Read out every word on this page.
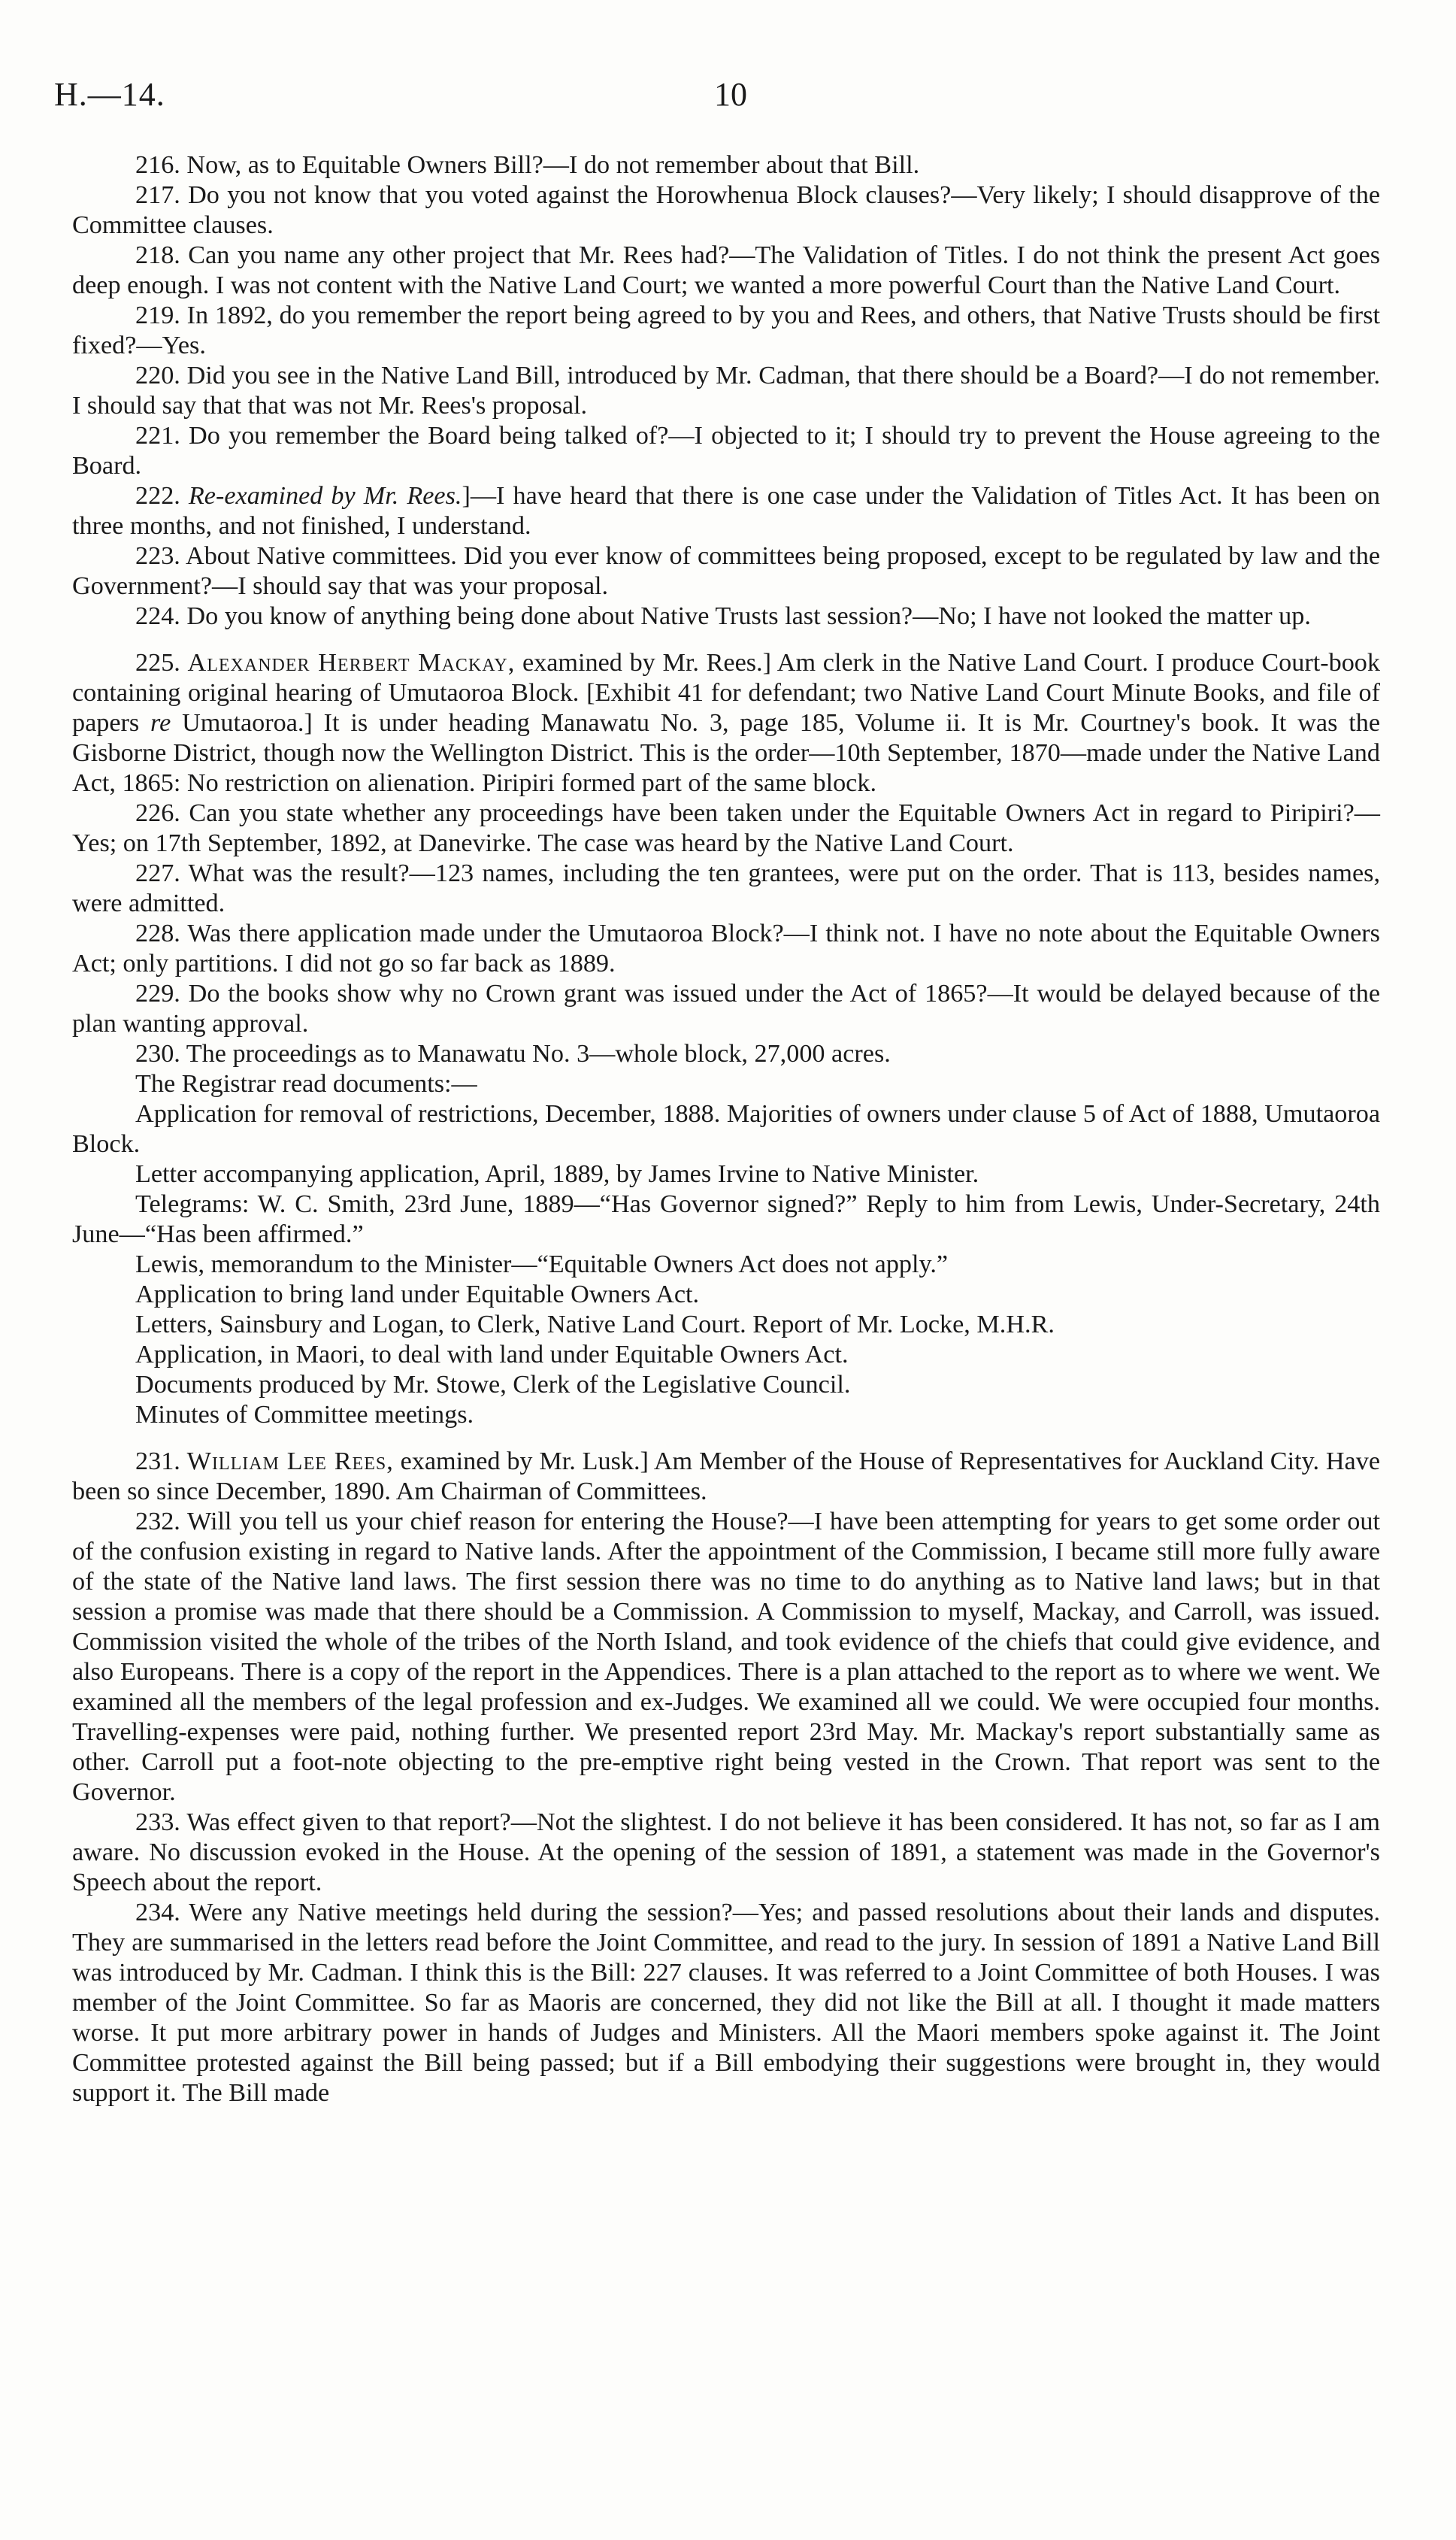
H.—14.	10

216. Now, as to Equitable Owners Bill?—I do not remember about that Bill.

217. Do you not know that you voted against the Horowhenua Block clauses?—Very likely; I should disapprove of the Committee clauses.

218. Can you name any other project that Mr. Rees had?—The Validation of Titles. I do not think the present Act goes deep enough. I was not content with the Native Land Court; we wanted a more powerful Court than the Native Land Court.

219. In 1892, do you remember the report being agreed to by you and Rees, and others, that Native Trusts should be first fixed?—Yes.

220. Did you see in the Native Land Bill, introduced by Mr. Cadman, that there should be a Board?—I do not remember. I should say that that was not Mr. Rees's proposal.

221. Do you remember the Board being talked of?—I objected to it; I should try to prevent the House agreeing to the Board.

222. Re-examined by Mr. Rees.]—I have heard that there is one case under the Validation of Titles Act. It has been on three months, and not finished, I understand.

223. About Native committees. Did you ever know of committees being proposed, except to be regulated by law and the Government?—I should say that was your proposal.

224. Do you know of anything being done about Native Trusts last session?—No; I have not looked the matter up.

225. Alexander Herbert Mackay, examined by Mr. Rees.] Am clerk in the Native Land Court. I produce Court-book containing original hearing of Umutaoroa Block. [Exhibit 41 for defendant; two Native Land Court Minute Books, and file of papers re Umutaoroa.] It is under heading Manawatu No. 3, page 185, Volume ii. It is Mr. Courtney's book. It was the Gisborne District, though now the Wellington District. This is the order—10th September, 1870—made under the Native Land Act, 1865: No restriction on alienation. Piripiri formed part of the same block.

226. Can you state whether any proceedings have been taken under the Equitable Owners Act in regard to Piripiri?—Yes; on 17th September, 1892, at Danevirke. The case was heard by the Native Land Court.

227. What was the result?—123 names, including the ten grantees, were put on the order. That is 113, besides names, were admitted.

228. Was there application made under the Umutaoroa Block?—I think not. I have no note about the Equitable Owners Act; only partitions. I did not go so far back as 1889.

229. Do the books show why no Crown grant was issued under the Act of 1865?—It would be delayed because of the plan wanting approval.

230. The proceedings as to Manawatu No. 3—whole block, 27,000 acres.

The Registrar read documents:—

Application for removal of restrictions, December, 1888. Majorities of owners under clause 5 of Act of 1888, Umutaoroa Block.

Letter accompanying application, April, 1889, by James Irvine to Native Minister.

Telegrams: W. C. Smith, 23rd June, 1889—“Has Governor signed?” Reply to him from Lewis, Under-Secretary, 24th June—“Has been affirmed.”

Lewis, memorandum to the Minister—“Equitable Owners Act does not apply.”

Application to bring land under Equitable Owners Act.

Letters, Sainsbury and Logan, to Clerk, Native Land Court. Report of Mr. Locke, M.H.R.

Application, in Maori, to deal with land under Equitable Owners Act.

Documents produced by Mr. Stowe, Clerk of the Legislative Council.

Minutes of Committee meetings.

231. William Lee Rees, examined by Mr. Lusk.] Am Member of the House of Representatives for Auckland City. Have been so since December, 1890. Am Chairman of Committees.

232. Will you tell us your chief reason for entering the House?—I have been attempting for years to get some order out of the confusion existing in regard to Native lands. After the appointment of the Commission, I became still more fully aware of the state of the Native land laws. The first session there was no time to do anything as to Native land laws; but in that session a promise was made that there should be a Commission. A Commission to myself, Mackay, and Carroll, was issued. Commission visited the whole of the tribes of the North Island, and took evidence of the chiefs that could give evidence, and also Europeans. There is a copy of the report in the Appendices. There is a plan attached to the report as to where we went. We examined all the members of the legal profession and ex-Judges. We examined all we could. We were occupied four months. Travelling-expenses were paid, nothing further. We presented report 23rd May. Mr. Mackay's report substantially same as other. Carroll put a foot-note objecting to the pre-emptive right being vested in the Crown. That report was sent to the Governor.

233. Was effect given to that report?—Not the slightest. I do not believe it has been considered. It has not, so far as I am aware. No discussion evoked in the House. At the opening of the session of 1891, a statement was made in the Governor's Speech about the report.

234. Were any Native meetings held during the session?—Yes; and passed resolutions about their lands and disputes. They are summarised in the letters read before the Joint Committee, and read to the jury. In session of 1891 a Native Land Bill was introduced by Mr. Cadman. I think this is the Bill: 227 clauses. It was referred to a Joint Committee of both Houses. I was member of the Joint Committee. So far as Maoris are concerned, they did not like the Bill at all. I thought it made matters worse. It put more arbitrary power in hands of Judges and Ministers. All the Maori members spoke against it. The Joint Committee protested against the Bill being passed; but if a Bill embodying their suggestions were brought in, they would support it. The Bill made
